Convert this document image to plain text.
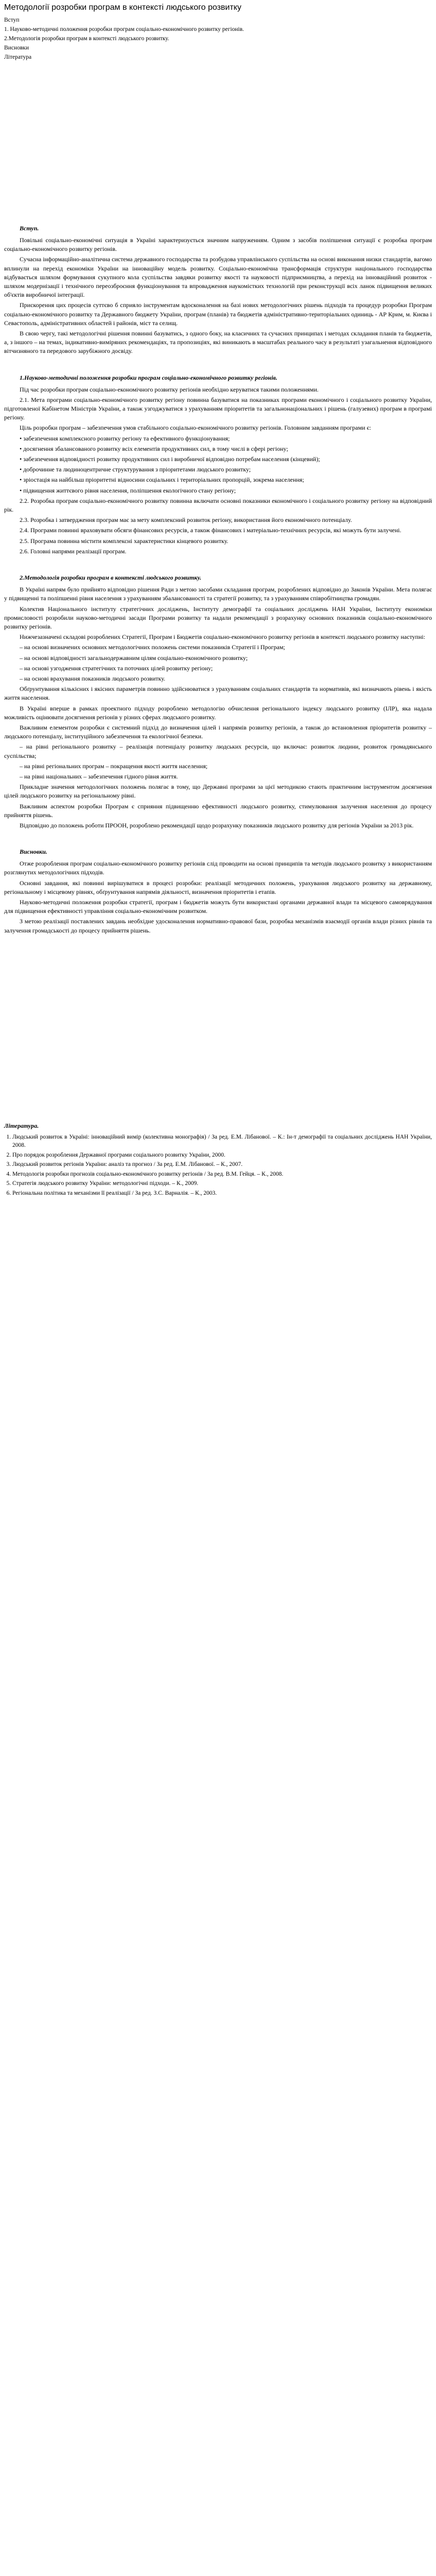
Методології розробки програм в контексті людського розвитку
Вступ
1. Науково-методичні положення розробки програм соціально-економічного розвитку регіонів.
2.Методологія розробки програм в контексті людського розвитку.
Висновки
Література
Вступ.

Повільні соціально-економічні ситуація в Україні характеризується значним напруженням. Одним з засобів поліпшення ситуації є розробка програм соціально-економічного розвитку регіонів.

Сучасна інформаційно-аналітична система державного господарства та розбудова управлінського суспільства на основі виконання низки стандартів, вагомо вплинули на перехід економіки України на інноваційну модель розвитку. Соціально-економічна трансформація структури національного господарства відбувається шляхом формування сукупного кола суспільства завдяки розвитку якості та науковості підприємництва, а перехід на інноваційний розвиток - шляхом модернізації і технічного переозброєння функціонування та впровадження наукомістких технологій при реконструкції всіх ланок підвищення великих об'єктів виробничої інтеграції.

Прискорення цих процесів суттєво б сприяло інструментам вдосконалення на базі нових методологічних рішень підходів та процедур розробки Програм соціально-економічного розвитку та Державного бюджету України, програм (планів) та бюджетів адміністративно-територіальних одиниць - АР Крим, м. Києва і Севастополь, адміністративних областей і районів, міст та селищ.

В свою чергу, такі методологічні рішення повинні базуватись, з одного боку, на класичних та сучасних принципах і методах складання планів та бюджетів, а, з іншого – на темах, індикативно-виміряних рекомендаціях, та пропозиціях, які виникають в масштабах реального часу в результаті узагальнення відповідного вітчизняного та передового зарубіжного досвіду.

1.Науково-методичні положення розробки програм соціально-економічного розвитку регіонів.

Під час розробки програм соціально-економічного розвитку регіонів необхідно керуватися такими положеннями.

2.1. Мета програми соціально-економічного розвитку регіону повинна базуватися на показниках програми економічного і соціального розвитку України, підготовленої Кабінетом Міністрів України, а також узгоджуватися з урахуванням пріоритетів та загальнонаціональних і рішень (галузевих) програм в програмі регіону.

Ціль розробки програм – забезпечення умов стабільного соціально-економічного розвитку регіонів. Головним завданням програми є:

• забезпечення комплексного розвитку регіону та ефективного функціонування;

• досягнення збалансованого розвитку всіх елементів продуктивних сил, в тому числі в сфері регіону;

• забезпечення відповідності розвитку продуктивних сил і виробничої відповідно потребам населення (кінцевий);

• доброчинне та людиноцентричне структурування з пріоритетами людського розвитку;

• зріостація на найбільш пріоритетні відносини соціальних і територіальних пропорцій, зокрема населення;

• підвищення життєвого рівня населення, поліпшення екологічного стану регіону;

2.2. Розробка програм соціально-економічного розвитку повинна включати основні показники економічного і соціального розвитку регіону на відповідний рік.

2.3. Розробка і затвердження програм має за мету комплексний розвиток регіону, використання його економічного потенціалу.

2.4. Програми повинні враховувати обсяги фінансових ресурсів, а також фінансових і матеріально-технічних ресурсів, які можуть бути залучені.

2.5. Програма повинна містити комплексні характеристики кінцевого розвитку.

2.6. Головні напрями реалізації програм.

2.Методологія розробки програм в контексті людського розвитку.

В Україні напрям було прийнято відповідно рішення Ради з метою засобами складання програм, розроблених відповідно до Законів України. Мета полягає у підвищенні та поліпшенні рівня населення з урахуванням збалансованості та стратегії розвитку, та з урахуванням співробітництва громадян.

Колектив Національного інституту стратегічних досліджень, Інституту демографії та соціальних досліджень НАН України, Інституту економіки промисловості розробили науково-методичні засади Програми розвитку та надали рекомендації з розрахунку основних показників соціально-економічного розвитку регіонів.

Нижчезазначені складові розроблених Стратегії, Програм і Бюджетів соціально-економічного розвитку регіонів в контексті людського розвитку наступні:

– на основі визначених основних методологічних положень системи показників Стратегії і Програм;

– на основі відповідності загальнодержавним цілям соціально-економічного розвитку;

– на основі узгодження стратегічних та поточних цілей розвитку регіону;

– на основі врахування показників людського розвитку.

Обґрунтування кількісних і якісних параметрів повинно здійснюватися з урахуванням соціальних стандартів та нормативів, які визначають рівень і якість життя населення.

В Україні вперше в рамках проектного підходу розроблено методологію обчислення регіонального індексу людського розвитку (ІЛР), яка надала можливість оцінювати досягнення регіонів у різних сферах людського розвитку.

Важливим елементом розробки є системний підхід до визначення цілей і напрямів розвитку регіонів, а також до встановлення пріоритетів розвитку – людського потенціалу, інституційного забезпечення та екологічної безпеки.

– на рівні регіонального розвитку – реалізація потенціалу розвитку людських ресурсів, що включає: розвиток людини, розвиток громадянського суспільства;

– на рівні регіональних програм – покращення якості життя населення;

– на рівні національних – забезпечення гідного рівня життя.

Прикладне значення методологічних положень полягає в тому, що Державні програми за цієї методикою стають практичним інструментом досягнення цілей людського розвитку на регіональному рівні.

Важливим аспектом розробки Програм є сприяння підвищенню ефективності людського розвитку, стимулювання залучення населення до процесу прийняття рішень.

Відповідно до положень роботи ПРООН, розроблено рекомендації щодо розрахунку показників людського розвитку для регіонів України за 2013 рік.

Висновки.

Отже розроблення програм соціально-економічного розвитку регіонів слід проводити на основі принципів та методів людського розвитку з використанням розглянутих методологічних підходів.

Основні завдання, які повинні вирішуватися в процесі розробки: реалізації методичних положень, урахування людського розвитку на державному, регіональному і місцевому рівнях, обґрунтування напрямів діяльності, визначення пріоритетів і етапів.

Науково-методичні положення розробки стратегії, програм і бюджетів можуть бути використані органами державної влади та місцевого самоврядування для підвищення ефективності управління соціально-економічним розвитком.

З метою реалізації поставлених завдань необхідне удосконалення нормативно-правової бази, розробка механізмів взаємодії органів влади різних рівнів та залучення громадськості до процесу прийняття рішень.

Література.
1. Людський розвиток в Україні: інноваційний вимір (колективна монографія) / За ред. Е.М. Лібанової. – К.: Ін-т демографії та соціальних досліджень НАН України, 2008.
2. Про порядок розроблення Державної програми соціального розвитку України, 2000.
3. Людський розвиток регіонів України: аналіз та прогноз / За ред. Е.М. Лібанової. – К., 2007.
4. Методологія розробки прогнозів соціально-економічного розвитку регіонів / За ред. В.М. Гейця. – К., 2008.
5. Стратегія людського розвитку України: методологічні підходи. – К., 2009.
6. Регіональна політика та механізми її реалізації / За ред. З.С. Варналія. – К., 2003.
